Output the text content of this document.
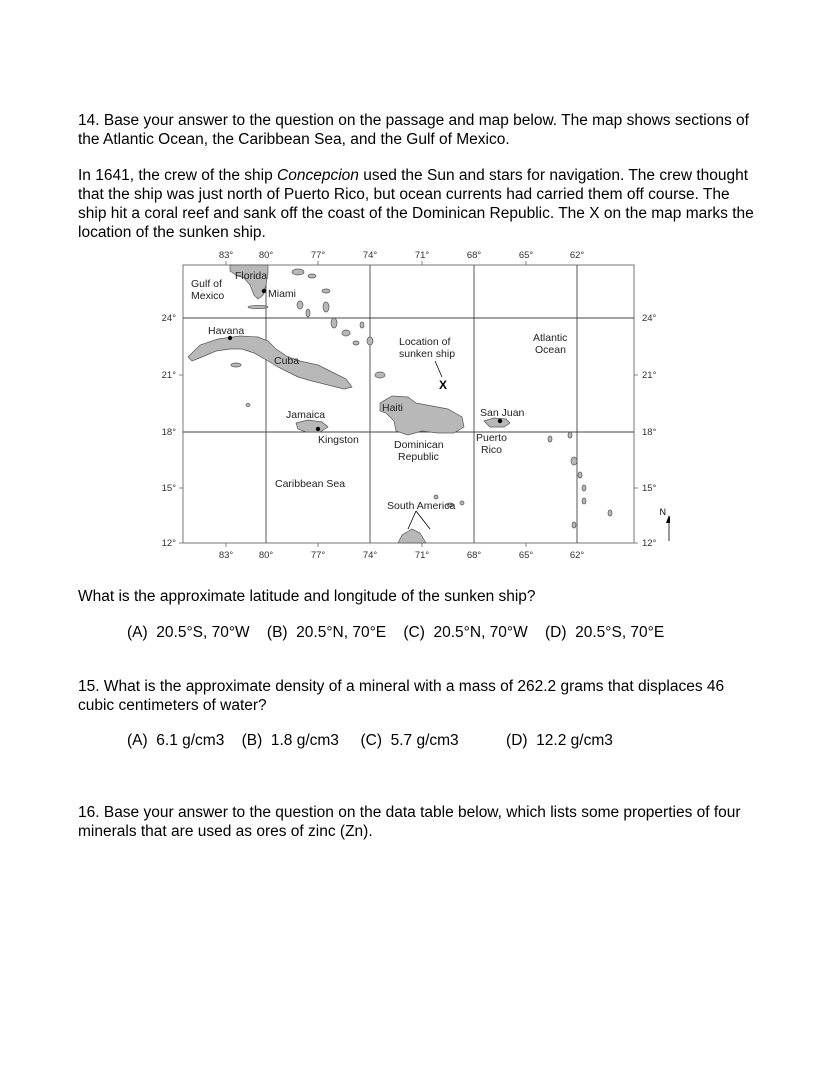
14. Base your answer to the question on the passage and map below. The map shows sections of the Atlantic Ocean, the Caribbean Sea, and the Gulf of Mexico.
In 1641, the crew of the ship Concepcion used the Sun and stars for navigation. The crew thought that the ship was just north of Puerto Rico, but ocean currents had carried them off course. The ship hit a coral reef and sank off the coast of the Dominican Republic. The X on the map marks the location of the sunken ship.
83°	80°	77°	74°	71°	68°	65°	62°
83°	80°	77°	74°	71°	68°	65°	62°
24°
21°
18°
15°
12°
24°
21°
18°
15°
12°
Gulf of
Mexico
Florida
Miami
Havana
Cuba
Jamaica
Kingston
Haiti
Dominican
Republic
San Juan
Puerto
Rico
Location of
sunken ship
Atlantic
Ocean
Caribbean Sea
South America
X
N
What is the approximate latitude and longitude of the sunken ship?
(A)  20.5°S, 70°W (B)  20.5°N, 70°E (C)  20.5°N, 70°W (D)  20.5°S, 70°E
15. What is the approximate density of a mineral with a mass of 262.2 grams that displaces 46 cubic centimeters of water?
(A)  6.1 g/cm3 (B)  1.8 g/cm3 (C)  5.7 g/cm3	(D)  12.2 g/cm3
16. Base your answer to the question on the data table below, which lists some properties of four minerals that are used as ores of zinc (Zn).
